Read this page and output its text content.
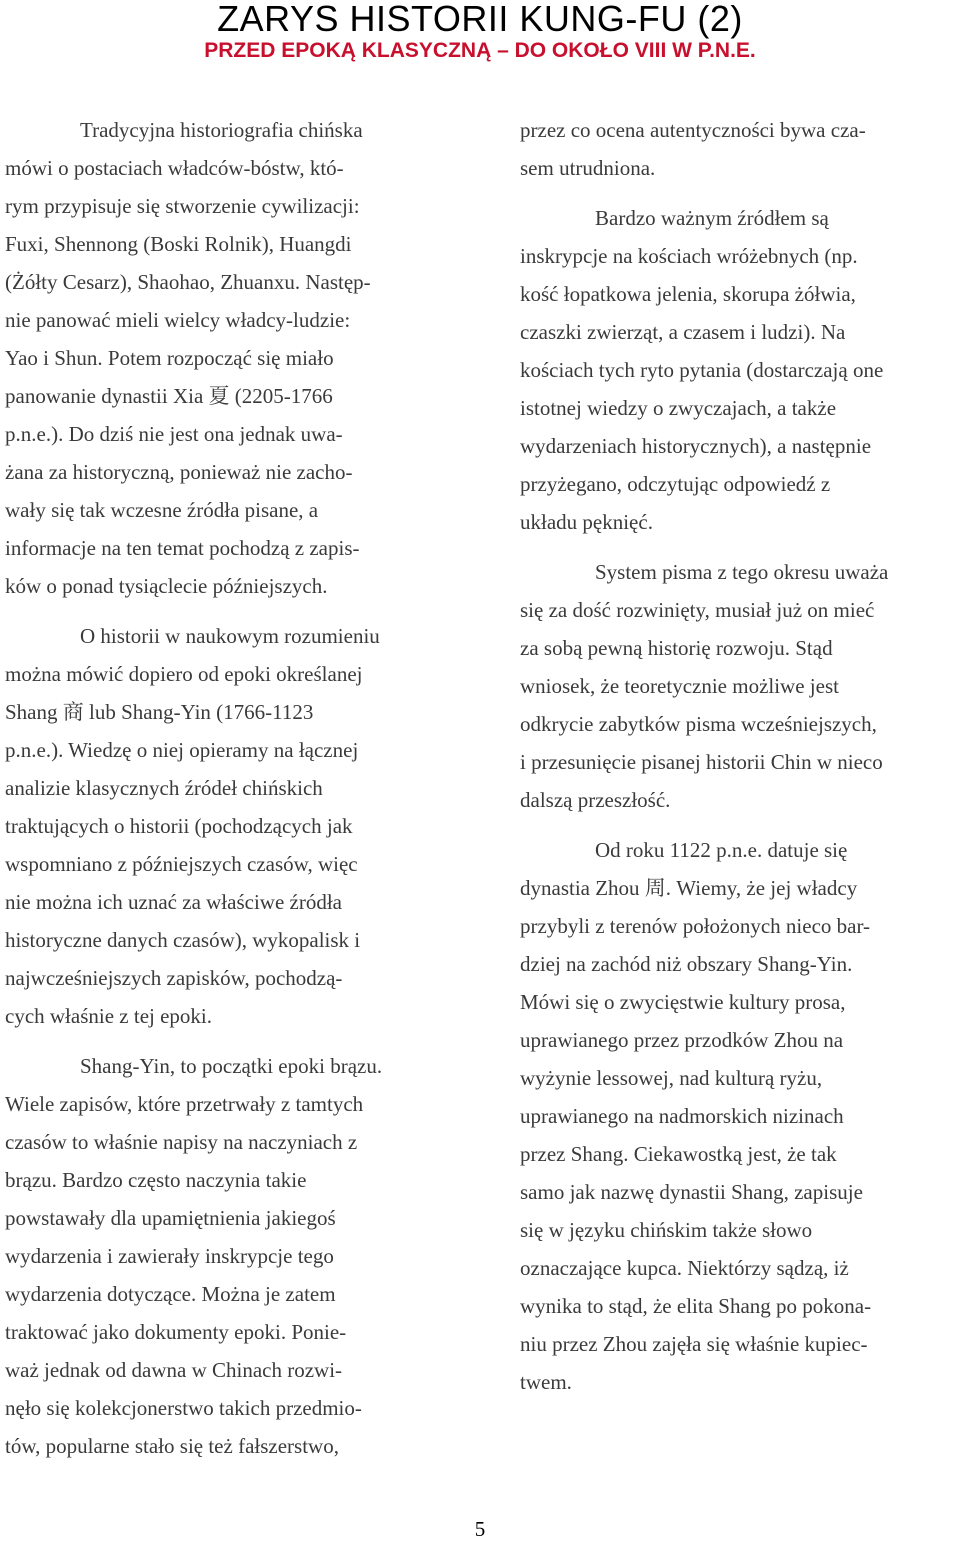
ZARYS HISTORII KUNG-FU (2)
PRZED EPOKĄ KLASYCZNĄ – DO OKOŁO VIII W P.N.E.

Tradycyjna historiografia chińska
mówi o postaciach władców-bóstw, któ-
rym przypisuje się stworzenie cywilizacji:
Fuxi, Shennong (Boski Rolnik), Huangdi
(Żółty Cesarz), Shaohao, Zhuanxu. Następ-
nie panować mieli wielcy władcy-ludzie:
Yao i Shun. Potem rozpocząć się miało
panowanie dynastii Xia 夏 (2205-1766
p.n.e.). Do dziś nie jest ona jednak uwa-
żana za historyczną, ponieważ nie zacho-
wały się tak wczesne źródła pisane, a
informacje na ten temat pochodzą z zapis-
ków o ponad tysiąclecie późniejszych.

O historii w naukowym rozumieniu
można mówić dopiero od epoki określanej
Shang 商 lub Shang-Yin (1766-1123
p.n.e.). Wiedzę o niej opieramy na łącznej
analizie klasycznych źródeł chińskich
traktujących o historii (pochodzących jak
wspomniano z późniejszych czasów, więc
nie można ich uznać za właściwe źródła
historyczne danych czasów), wykopalisk i
najwcześniejszych zapisków, pochodzą-
cych właśnie z tej epoki.

Shang-Yin, to początki epoki brązu.
Wiele zapisów, które przetrwały z tamtych
czasów to właśnie napisy na naczyniach z
brązu. Bardzo często naczynia takie
powstawały dla upamiętnienia jakiegoś
wydarzenia i zawierały inskrypcje tego
wydarzenia dotyczące. Można je zatem
traktować jako dokumenty epoki. Ponie-
waż jednak od dawna w Chinach rozwi-
nęło się kolekcjonerstwo takich przedmio-
tów, popularne stało się też fałszerstwo,

przez co ocena autentyczności bywa cza-
sem utrudniona.

Bardzo ważnym źródłem są
inskrypcje na kościach wróżebnych (np.
kość łopatkowa jelenia, skorupa żółwia,
czaszki zwierząt, a czasem i ludzi). Na
kościach tych ryto pytania (dostarczają one
istotnej wiedzy o zwyczajach, a także
wydarzeniach historycznych), a następnie
przyżegano, odczytując odpowiedź z
układu pęknięć.

System pisma z tego okresu uważa
się za dość rozwinięty, musiał już on mieć
za sobą pewną historię rozwoju. Stąd
wniosek, że teoretycznie możliwe jest
odkrycie zabytków pisma wcześniejszych,
i przesunięcie pisanej historii Chin w nieco
dalszą przeszłość.

Od roku 1122 p.n.e. datuje się
dynastia Zhou 周. Wiemy, że jej władcy
przybyli z terenów położonych nieco bar-
dziej na zachód niż obszary Shang-Yin.
Mówi się o zwycięstwie kultury prosa,
uprawianego przez przodków Zhou na
wyżynie lessowej, nad kulturą ryżu,
uprawianego na nadmorskich nizinach
przez Shang. Ciekawostką jest, że tak
samo jak nazwę dynastii Shang, zapisuje
się w języku chińskim także słowo
oznaczające kupca. Niektórzy sądzą, iż
wynika to stąd, że elita Shang po pokona-
niu przez Zhou zajęła się właśnie kupiec-
twem.

5
